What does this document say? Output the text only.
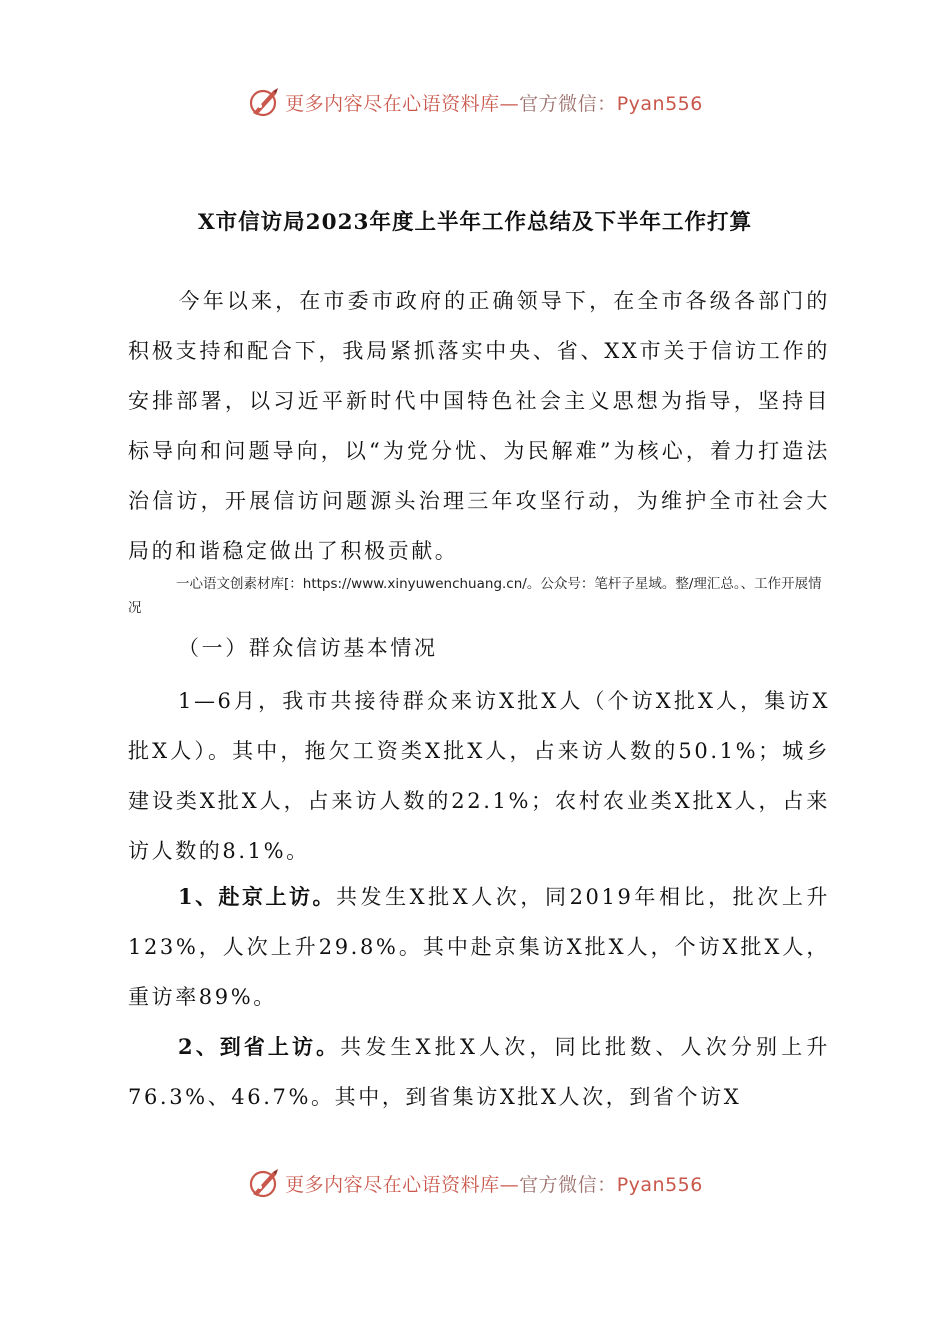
更多内容尽在心语资料库—官方微信：Pyan556
X市信访局2023年度上半年工作总结及下半年工作打算

今年以来，在市委市政府的正确领导下，在全市各级各部门的积极支持和配合下，我局紧抓落实中央、省、XX市关于信访工作的安排部署，以习近平新时代中国特色社会主义思想为指导，坚持目标导向和问题导向，以“为党分忧、为民解难”为核心，着力打造法治信访，开展信访问题源头治理三年攻坚行动，为维护全市社会大局的和谐稳定做出了积极贡献。

一心语文创素材库[：https://www.xinyuwenchuang.cn/。公众号：笔杆子星域。整/理汇总。、工作开展情况
（一）群众信访基本情况

1—6月，我市共接待群众来访X批X人（个访X批X人，集访X批X人）。其中，拖欠工资类X批X人，占来访人数的50.1%；城乡建设类X批X人，占来访人数的22.1%；农村农业类X批X人，占来访人数的8.1%。

1、赴京上访。共发生X批X人次，同2019年相比，批次上升123%，人次上升29.8%。其中赴京集访X批X人，个访X批X人，重访率89%。

2、到省上访。共发生X批X人次，同比批数、人次分别上升76.3%、46.7%。其中，到省集访X批X人次，到省个访X

更多内容尽在心语资料库—官方微信：Pyan556
